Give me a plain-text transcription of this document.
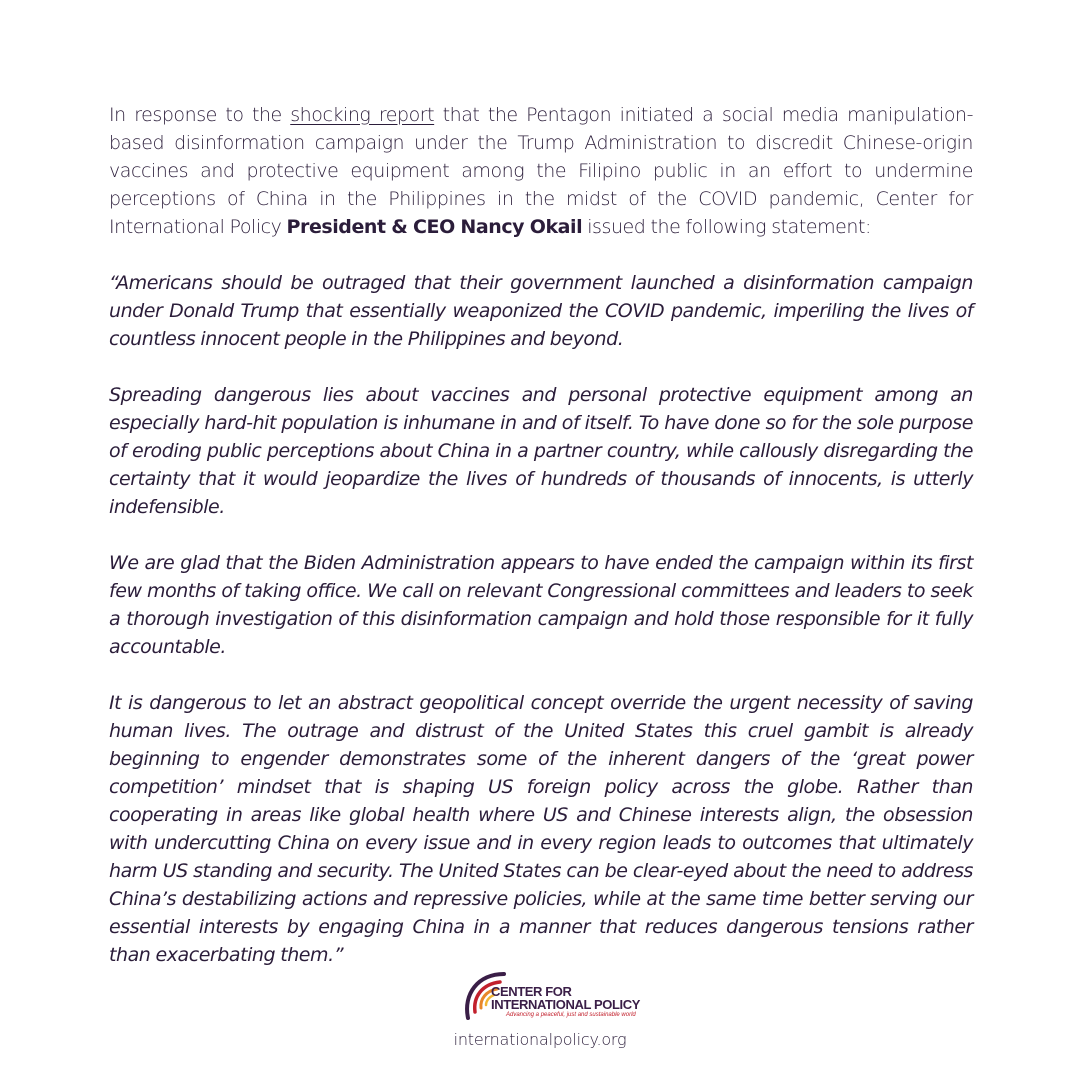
In response to the shocking report that the Pentagon initiated a social media manipulation-based disinformation campaign under the Trump Administration to discredit Chinese-origin vaccines and protective equipment among the Filipino public in an effort to undermine perceptions of China in the Philippines in the midst of the COVID pandemic, Center for International Policy President & CEO Nancy Okail issued the following statement:

“Americans should be outraged that their government launched a disinformation campaign under Donald Trump that essentially weaponized the COVID pandemic, imperiling the lives of countless innocent people in the Philippines and beyond.

Spreading dangerous lies about vaccines and personal protective equipment among an especially hard-hit population is inhumane in and of itself. To have done so for the sole purpose of eroding public perceptions about China in a partner country, while callously disregarding the certainty that it would jeopardize the lives of hundreds of thousands of innocents, is utterly indefensible.

We are glad that the Biden Administration appears to have ended the campaign within its first few months of taking office. We call on relevant Congressional committees and leaders to seek a thorough investigation of this disinformation campaign and hold those responsible for it fully accountable.

It is dangerous to let an abstract geopolitical concept override the urgent necessity of saving human lives. The outrage and distrust of the United States this cruel gambit is already beginning to engender demonstrates some of the inherent dangers of the ‘great power competition’ mindset that is shaping US foreign policy across the globe. Rather than cooperating in areas like global health where US and Chinese interests align, the obsession with undercutting China on every issue and in every region leads to outcomes that ultimately harm US standing and security. The United States can be clear-eyed about the need to address China’s destabilizing actions and repressive policies, while at the same time better serving our essential interests by engaging China in a manner that reduces dangerous tensions rather than exacerbating them.”

CENTER FOR
INTERNATIONAL POLICY
Advancing a peaceful, just and sustainable world
internationalpolicy.org
